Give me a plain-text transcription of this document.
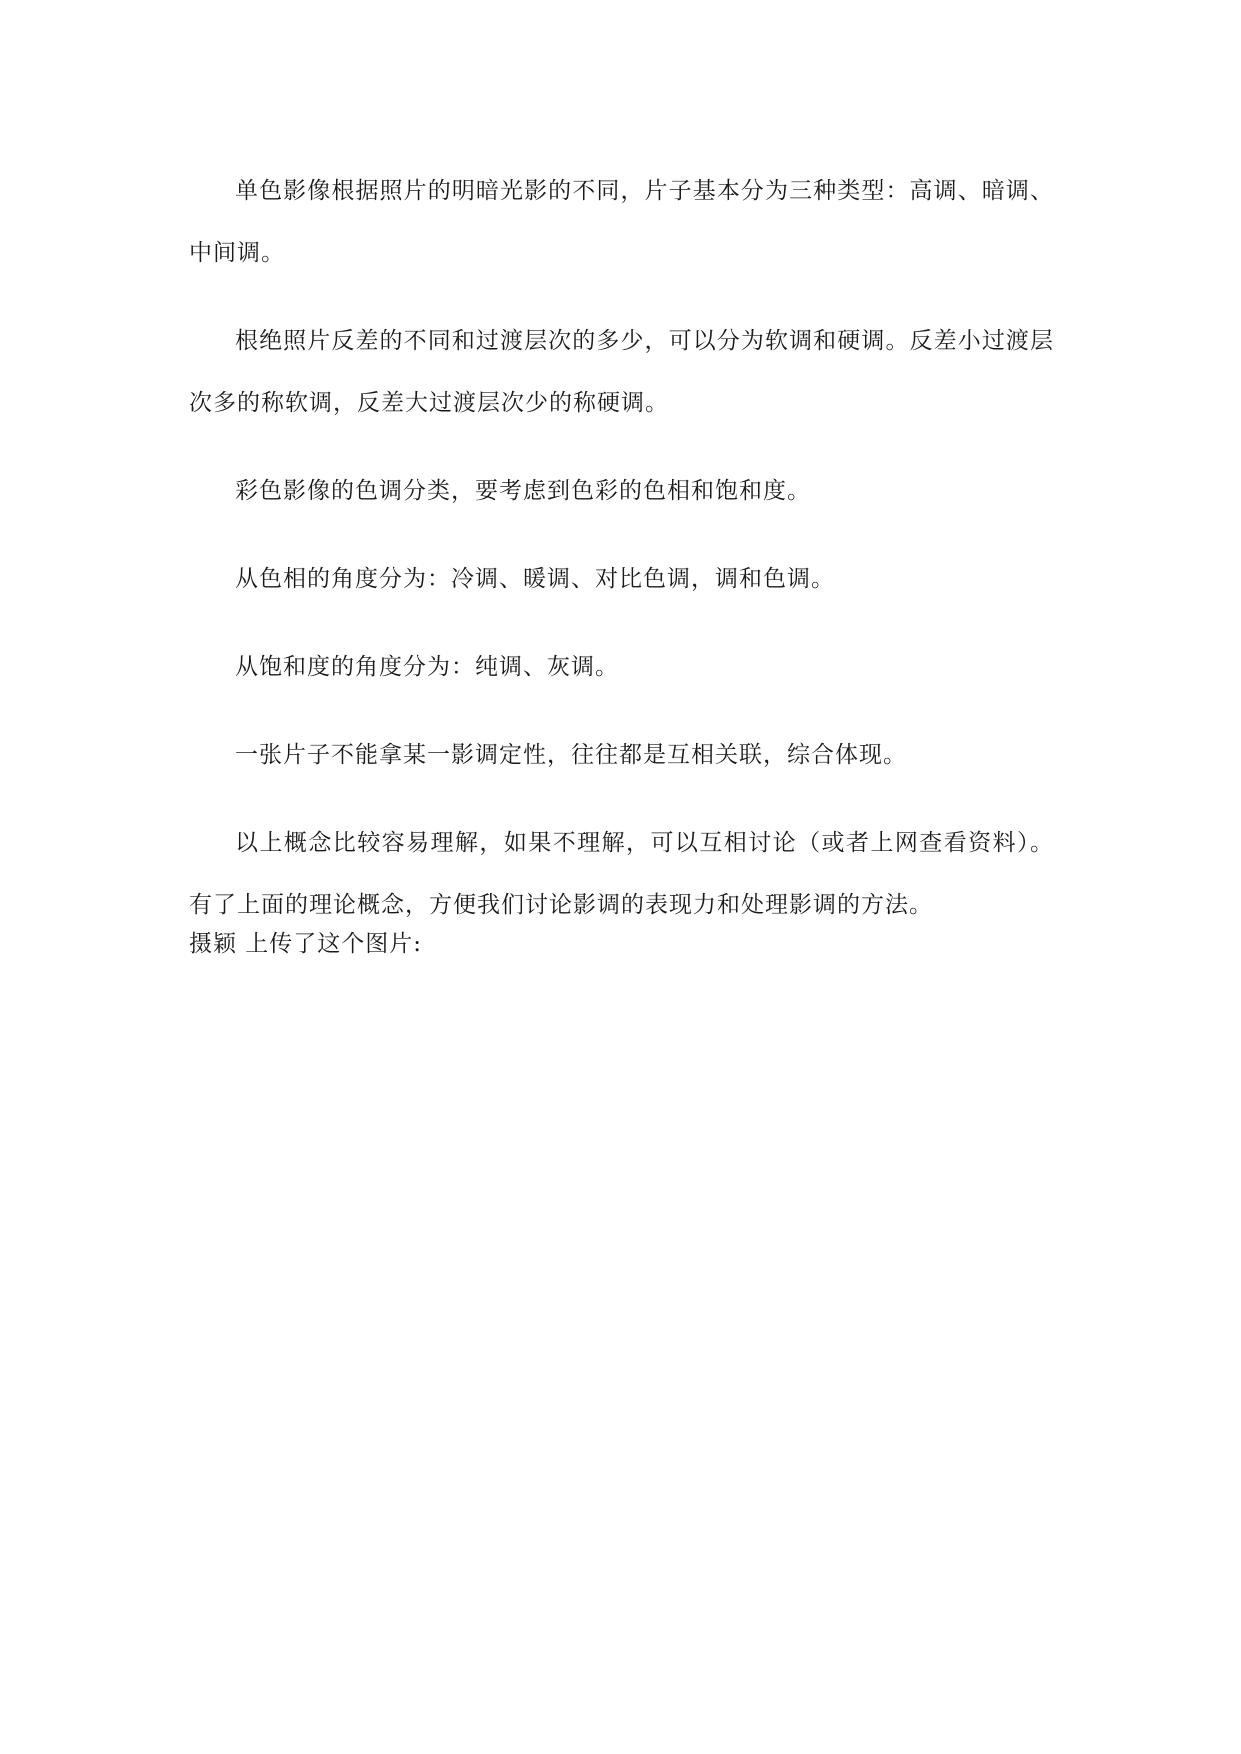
单色影像根据照片的明暗光影的不同，片子基本分为三种类型：高调、暗调、中间调。

根绝照片反差的不同和过渡层次的多少，可以分为软调和硬调。反差小过渡层次多的称软调，反差大过渡层次少的称硬调。

彩色影像的色调分类，要考虑到色彩的色相和饱和度。

从色相的角度分为：冷调、暖调、对比色调，调和色调。

从饱和度的角度分为：纯调、灰调。

一张片子不能拿某一影调定性，往往都是互相关联，综合体现。

以上概念比较容易理解，如果不理解，可以互相讨论（或者上网查看资料）。有了上面的理论概念，方便我们讨论影调的表现力和处理影调的方法。

摄颖 上传了这个图片:
